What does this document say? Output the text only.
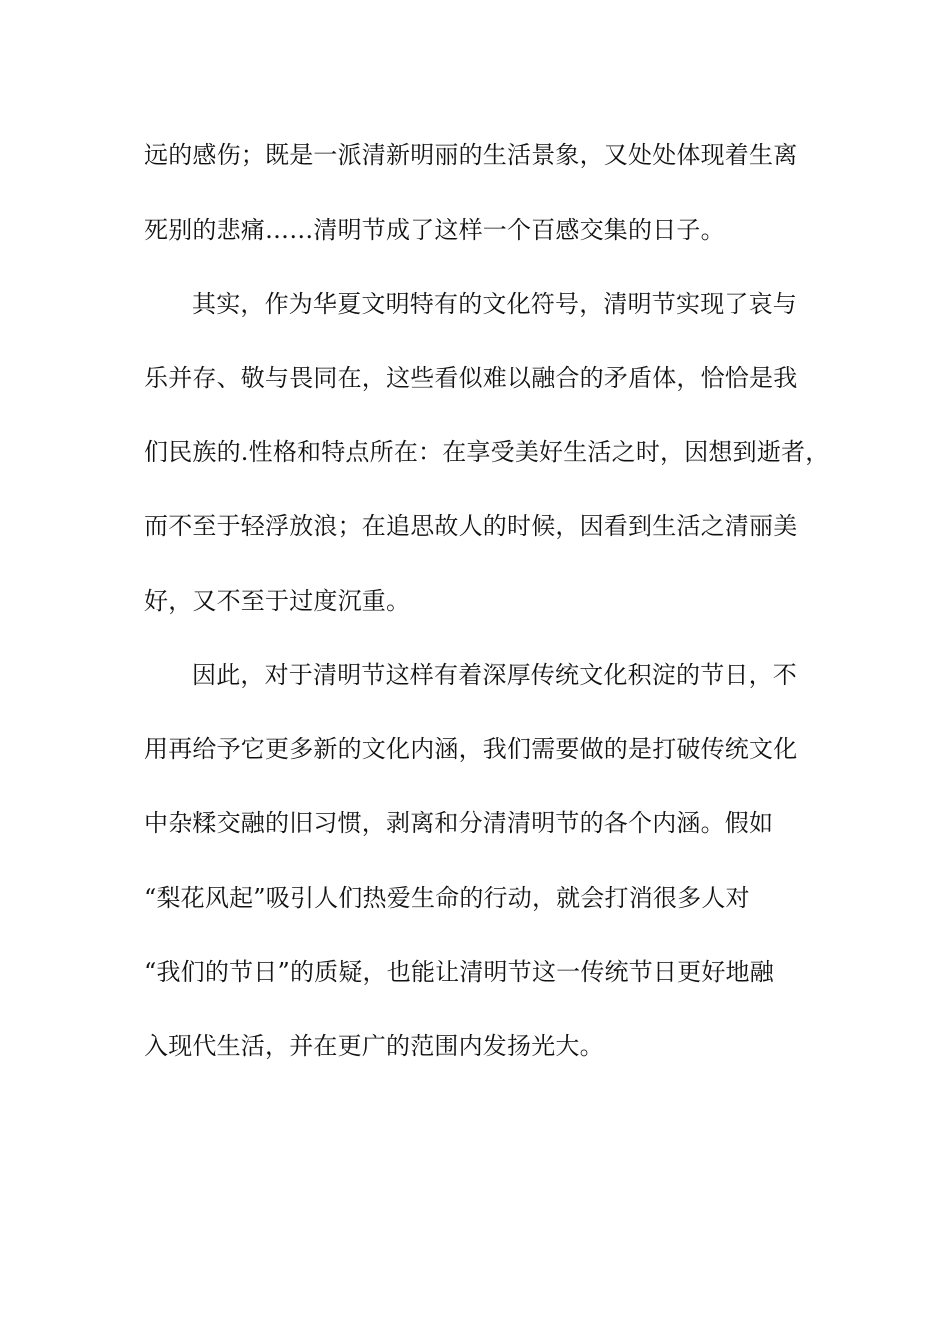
远的感伤；既是一派清新明丽的生活景象，又处处体现着生离
死别的悲痛……清明节成了这样一个百感交集的日子。
其实，作为华夏文明特有的文化符号，清明节实现了哀与
乐并存、敬与畏同在，这些看似难以融合的矛盾体，恰恰是我
们民族的.性格和特点所在：在享受美好生活之时，因想到逝者，
而不至于轻浮放浪；在追思故人的时候，因看到生活之清丽美
好，又不至于过度沉重。
因此，对于清明节这样有着深厚传统文化积淀的节日，不
用再给予它更多新的文化内涵，我们需要做的是打破传统文化
中杂糅交融的旧习惯，剥离和分清清明节的各个内涵。假如
“梨花风起”吸引人们热爱生命的行动，就会打消很多人对
“我们的节日”的质疑，也能让清明节这一传统节日更好地融
入现代生活，并在更广的范围内发扬光大。
